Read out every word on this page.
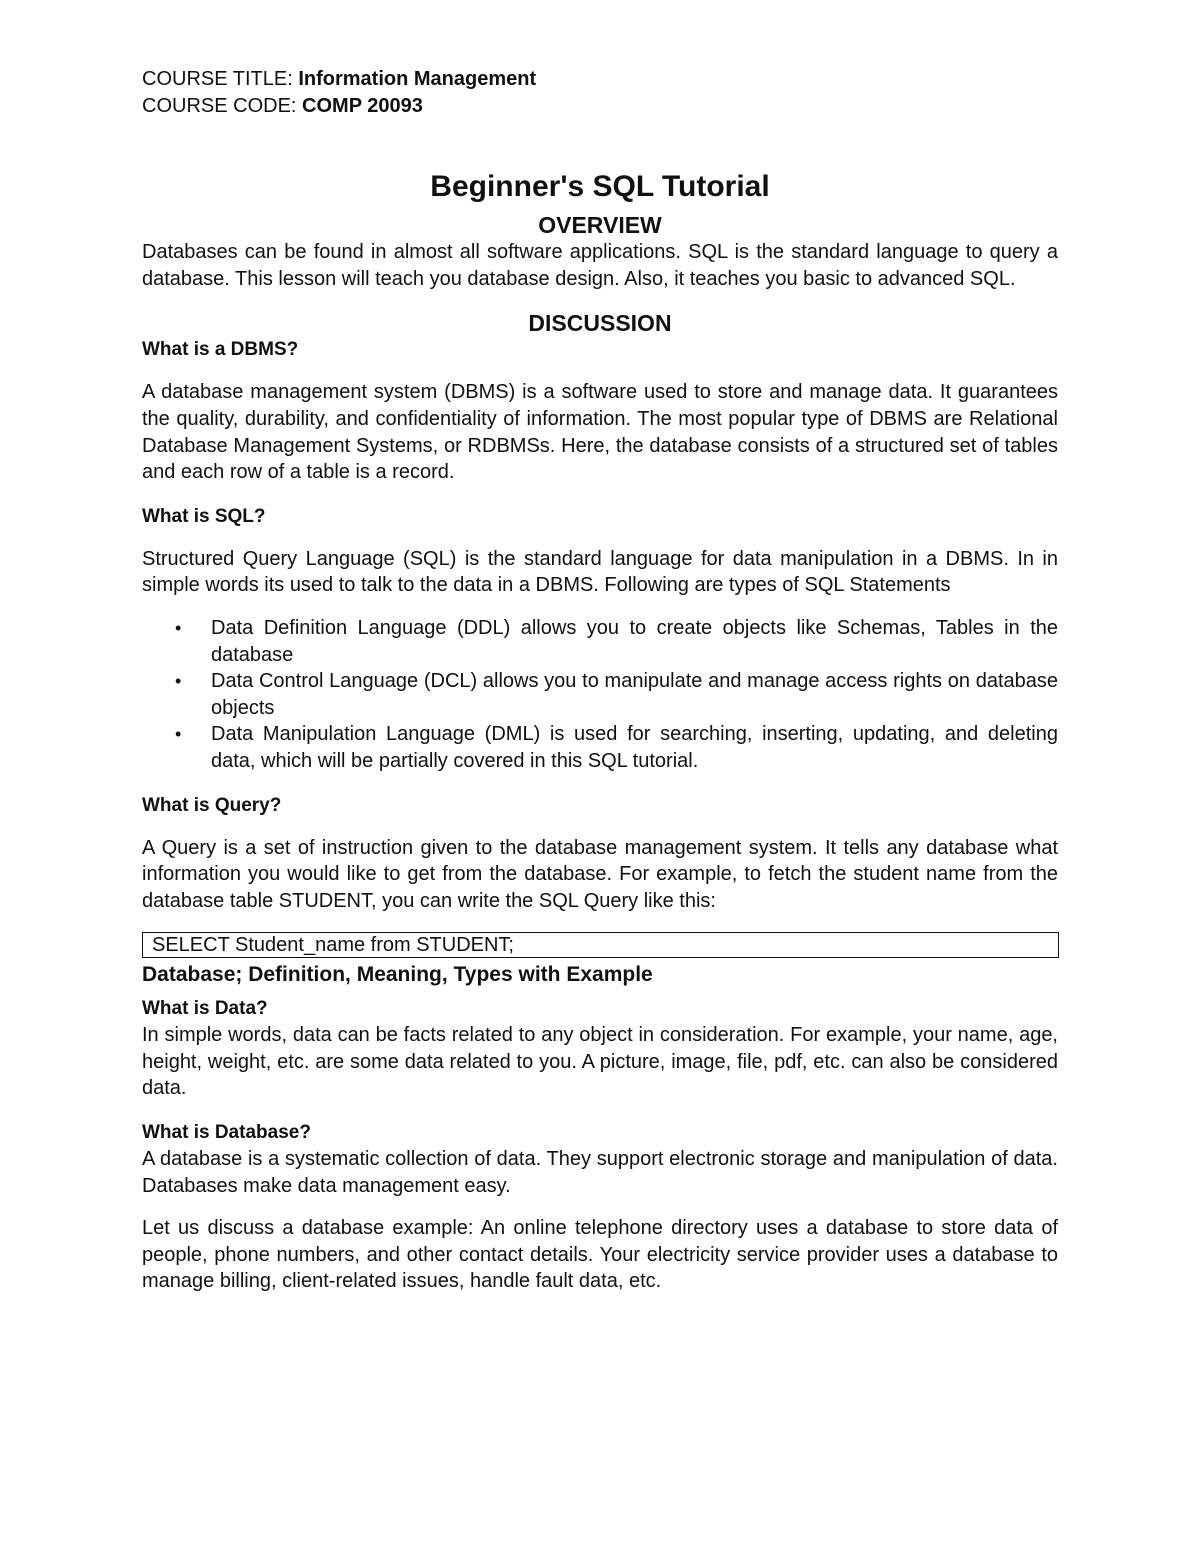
COURSE TITLE: Information Management

COURSE CODE: COMP 20093

Beginner's SQL Tutorial
OVERVIEW

Databases can be found in almost all software applications. SQL is the standard language to query a database. This lesson will teach you database design. Also, it teaches you basic to advanced SQL.

DISCUSSION
What is a DBMS?

A database management system (DBMS) is a software used to store and manage data. It guarantees the quality, durability, and confidentiality of information. The most popular type of DBMS are Relational Database Management Systems, or RDBMSs. Here, the database consists of a structured set of tables and each row of a table is a record.

What is SQL?

Structured Query Language (SQL) is the standard language for data manipulation in a DBMS. In in simple words its used to talk to the data in a DBMS. Following are types of SQL Statements

• Data Definition Language (DDL) allows you to create objects like Schemas, Tables in the database
• Data Control Language (DCL) allows you to manipulate and manage access rights on database objects
• Data Manipulation Language (DML) is used for searching, inserting, updating, and deleting data, which will be partially covered in this SQL tutorial.
What is Query?

A Query is a set of instruction given to the database management system. It tells any database what information you would like to get from the database. For example, to fetch the student name from the database table STUDENT, you can write the SQL Query like this:

SELECT Student_name from STUDENT;
Database; Definition, Meaning, Types with Example
What is Data?

In simple words, data can be facts related to any object in consideration. For example, your name, age, height, weight, etc. are some data related to you. A picture, image, file, pdf, etc. can also be considered data.

What is Database?

A database is a systematic collection of data. They support electronic storage and manipulation of data. Databases make data management easy.

Let us discuss a database example: An online telephone directory uses a database to store data of people, phone numbers, and other contact details. Your electricity service provider uses a database to manage billing, client-related issues, handle fault data, etc.
